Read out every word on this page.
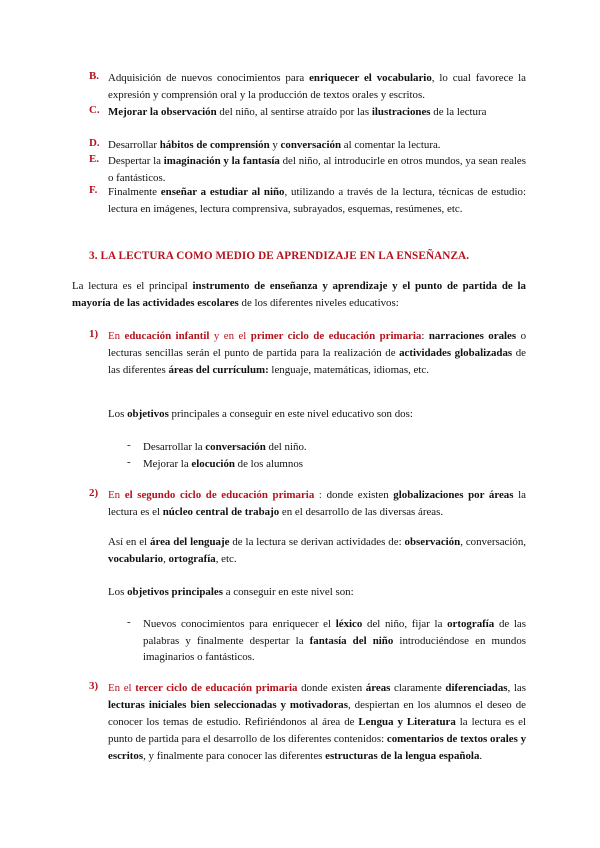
B. Adquisición de nuevos conocimientos para enriquecer el vocabulario, lo cual favorece la expresión y comprensión oral y la producción de textos orales y escritos.
C. Mejorar la observación del niño, al sentirse atraído por las ilustraciones de la lectura
D. Desarrollar hábitos de comprensión y conversación al comentar la lectura.
E. Despertar la imaginación y la fantasía del niño, al introducirle en otros mundos, ya sean reales o fantásticos.
F. Finalmente enseñar a estudiar al niño, utilizando a través de la lectura, técnicas de estudio: lectura en imágenes, lectura comprensiva, subrayados, esquemas, resúmenes, etc.
3. LA LECTURA COMO MEDIO DE APRENDIZAJE EN LA ENSEÑANZA.
La lectura es el principal instrumento de enseñanza y aprendizaje y el punto de partida de la mayoría de las actividades escolares de los diferentes niveles educativos:
1) En educación infantil y en el primer ciclo de educación primaria: narraciones orales o lecturas sencillas serán el punto de partida para la realización de actividades globalizadas de las diferentes áreas del currículum: lenguaje, matemáticas, idiomas, etc.
Los objetivos principales a conseguir en este nivel educativo son dos:
- Desarrollar la conversación del niño.
- Mejorar la elocución de los alumnos
2) En el segundo ciclo de educación primaria : donde existen globalizaciones por áreas la lectura es el núcleo central de trabajo en el desarrollo de las diversas áreas.
Así en el área del lenguaje de la lectura se derivan actividades de: observación, conversación, vocabulario, ortografía, etc.
Los objetivos principales a conseguir en este nivel son:
- Nuevos conocimientos para enriquecer el léxico del niño, fijar la ortografía de las palabras y finalmente despertar la fantasía del niño introduciéndose en mundos imaginarios o fantásticos.
3) En el tercer ciclo de educación primaria donde existen áreas claramente diferenciadas, las lecturas iniciales bien seleccionadas y motivadoras, despiertan en los alumnos el deseo de conocer los temas de estudio. Refiriéndonos al área de Lengua y Literatura la lectura es el punto de partida para el desarrollo de los diferentes contenidos: comentarios de textos orales y escritos, y finalmente para conocer las diferentes estructuras de la lengua española.
